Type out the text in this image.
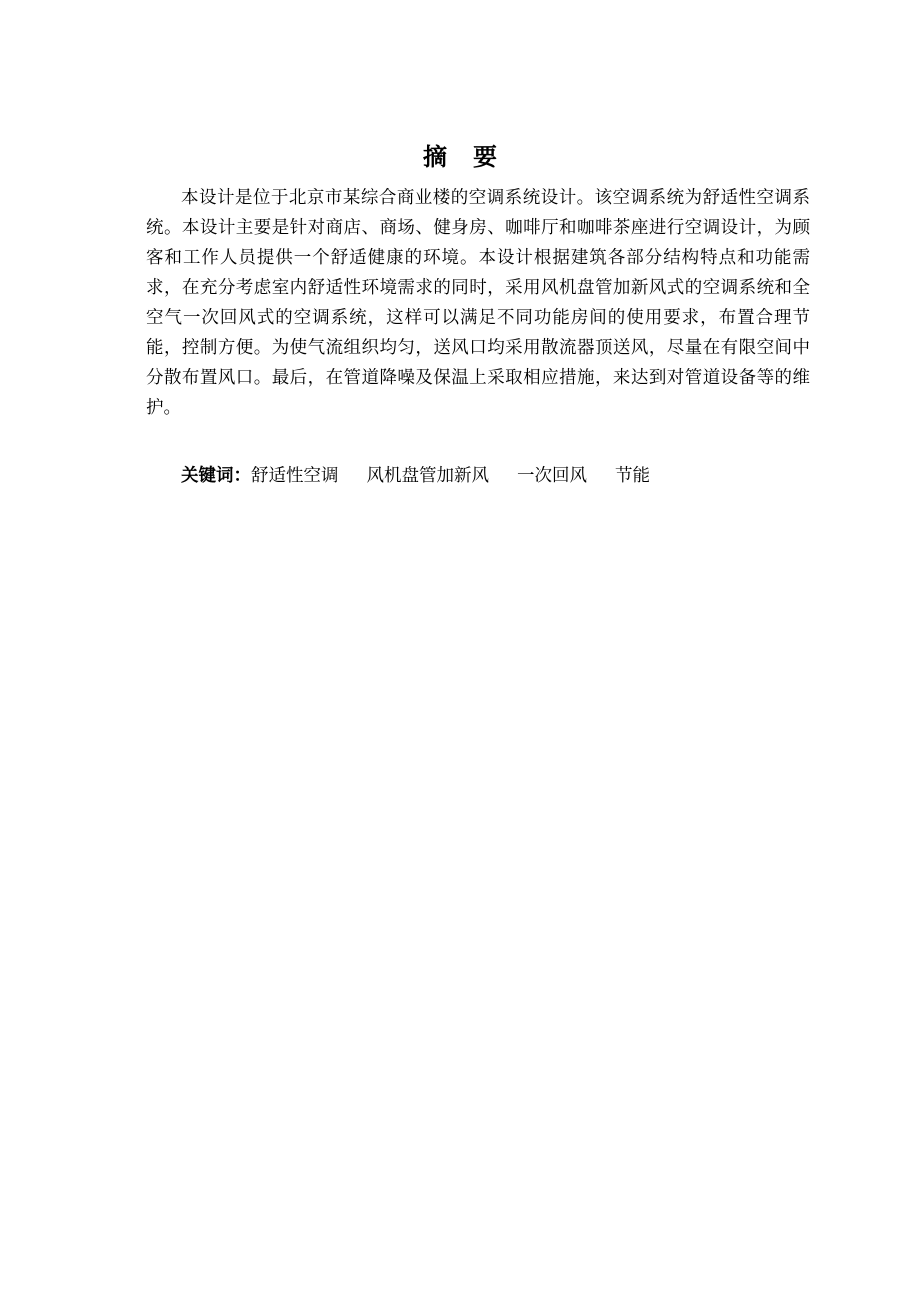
摘 要

本设计是位于北京市某综合商业楼的空调系统设计。该空调系统为舒适性空调系统。本设计主要是针对商店、商场、健身房、咖啡厅和咖啡茶座进行空调设计，为顾客和工作人员提供一个舒适健康的环境。本设计根据建筑各部分结构特点和功能需求，在充分考虑室内舒适性环境需求的同时，采用风机盘管加新风式的空调系统和全空气一次回风式的空调系统，这样可以满足不同功能房间的使用要求，布置合理节能，控制方便。为使气流组织均匀，送风口均采用散流器顶送风，尽量在有限空间中分散布置风口。最后，在管道降噪及保温上采取相应措施，来达到对管道设备等的维护。

关键词：舒适性空调 风机盘管加新风 一次回风 节能
